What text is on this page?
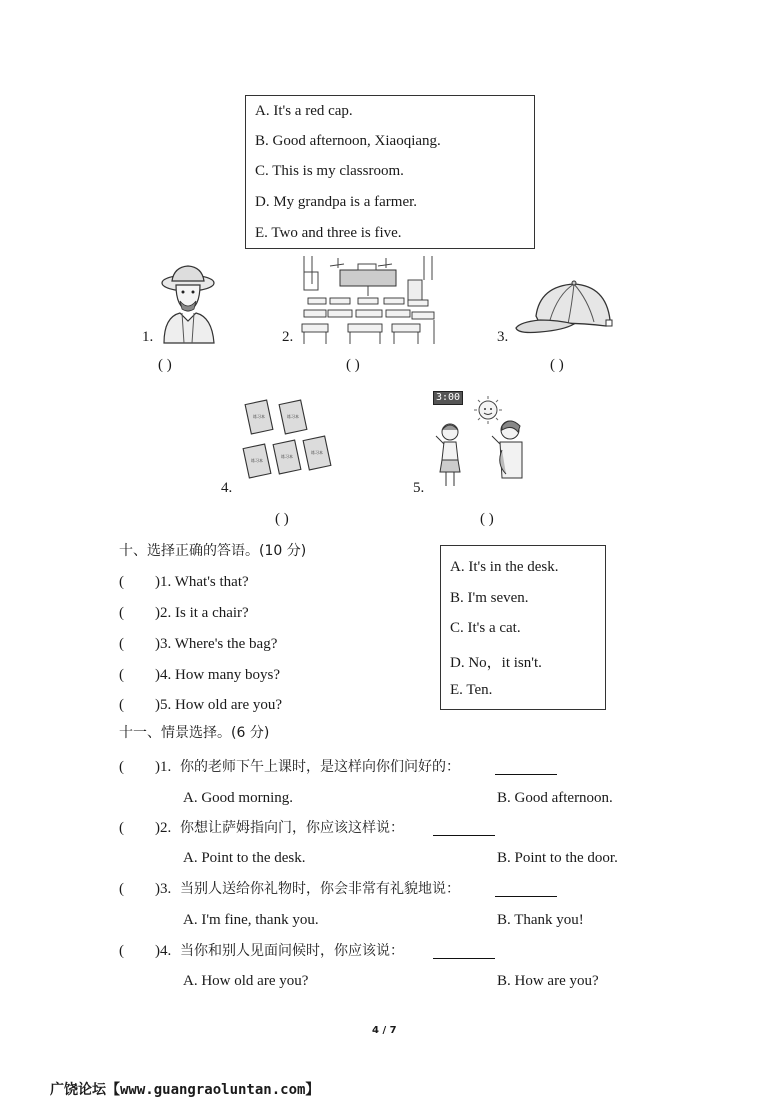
A. It's a red cap.
B. Good afternoon, Xiaoqiang.
C. This is my classroom.
D. My grandpa is a farmer.
E. Two and three is five.
1.
( )
2.
( )
3.
( )
4.
练习本	练习本
练习本
练习本
练习本
( )
5.
3:00
( )
十、选择正确的答语。(10 分)
( )1. What's that?
( )2. Is it a chair?
( )3. Where's the bag?
( )4. How many boys?
( )5. How old are you?
A. It's in the desk.
B. I'm seven.
C. It's a cat.
D. No，it isn't.
E. Ten.
十一、情景选择。(6 分)
( )1. 你的老师下午上课时，是这样向你们问好的：
A. Good morning.	B. Good afternoon.
( )2. 你想让萨姆指向门，你应该这样说：
A. Point to the desk.	B. Point to the door.
( )3. 当别人送给你礼物时，你会非常有礼貌地说：
A. I'm fine, thank you.	B. Thank you!
( )4. 当你和别人见面问候时，你应该说：
A. How old are you?	B. How are you?
4 / 7
广饶论坛【www.guangraoluntan.com】
